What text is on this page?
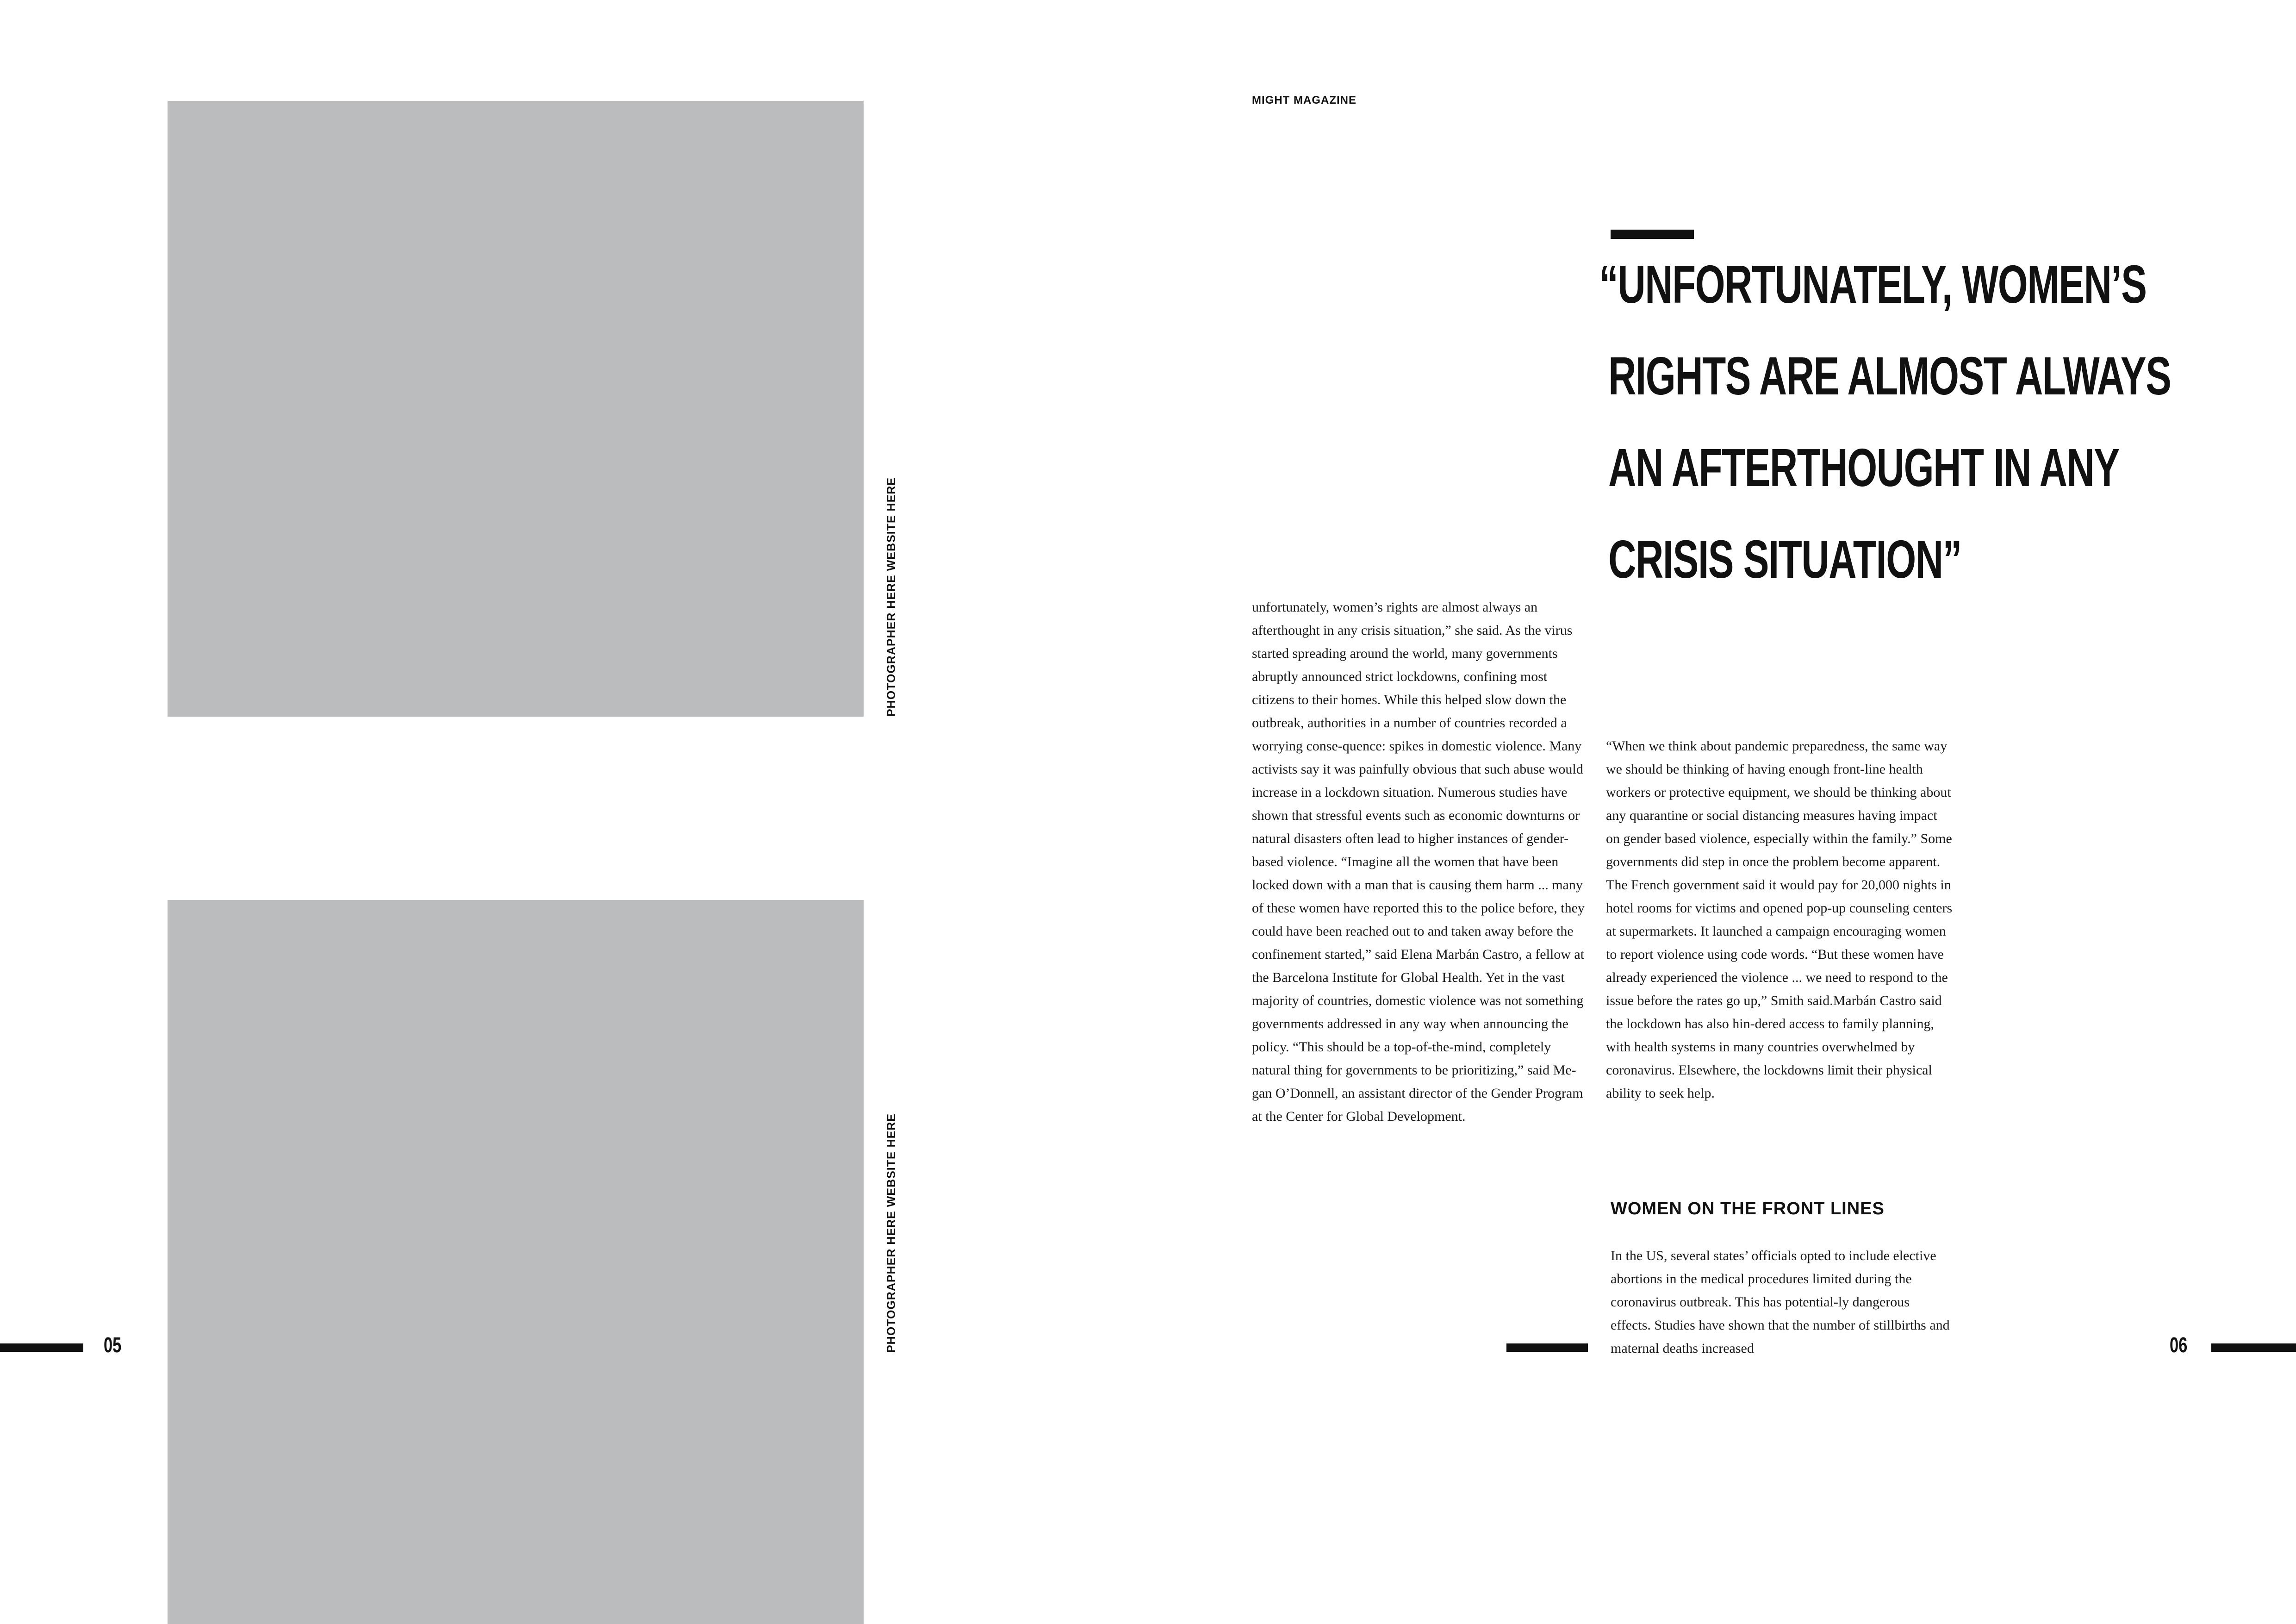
PHOTOGRAPHER HERE WEBSITE HERE
PHOTOGRAPHER HERE WEBSITE HERE
05
MIGHT MAGAZINE
“UNFORTUNATELY, WOMEN’S
RIGHTS ARE ALMOST ALWAYS
AN AFTERTHOUGHT IN ANY
CRISIS SITUATION”

unfortunately, women’s rights are almost always an afterthought in any crisis situation,” she said. As the virus started spreading around the world, many governments abruptly announced strict lockdowns, confining most citizens to their homes. While this helped slow down the outbreak, authorities in a number of countries recorded a worrying conse-quence: spikes in domestic violence. Many activists say it was painfully obvious that such abuse would increase in a lockdown situation. Numerous studies have shown that stressful events such as economic downturns or natural disasters often lead to higher instances of gender-based violence. “Imagine all the women that have been locked down with a man that is causing them harm ... many of these women have reported this to the police before, they could have been reached out to and taken away before the confinement started,” said Elena Marbán Castro, a fellow at the Barcelona Institute for Global Health. Yet in the vast majority of countries, domestic violence was not something governments addressed in any way when announcing the policy. “This should be a top-of-the-mind, completely natural thing for governments to be prioritizing,” said Me-gan O’Donnell, an assistant director of the Gender Program at the Center for Global Development.

“When we think about pandemic preparedness, the same way we should be thinking of having enough front-line health workers or protective equipment, we should be thinking about any quarantine or social distancing measures having impact on gender based violence, especially within the family.” Some governments did step in once the problem become apparent. The French government said it would pay for 20,000 nights in hotel rooms for victims and opened pop-up counseling centers at supermarkets. It launched a campaign encouraging women to report violence using code words. “But these women have already experienced the violence ... we need to respond to the issue before the rates go up,” Smith said.Marbán Castro said the lockdown has also hin-dered access to family planning, with health systems in many countries overwhelmed by coronavirus. Elsewhere, the lockdowns limit their physical ability to seek help.

WOMEN ON THE FRONT LINES

In the US, several states’ officials opted to include elective abortions in the medical procedures limited during the coronavirus outbreak. This has potential-ly dangerous effects. Studies have shown that the number of stillbirths and maternal deaths increased	06
